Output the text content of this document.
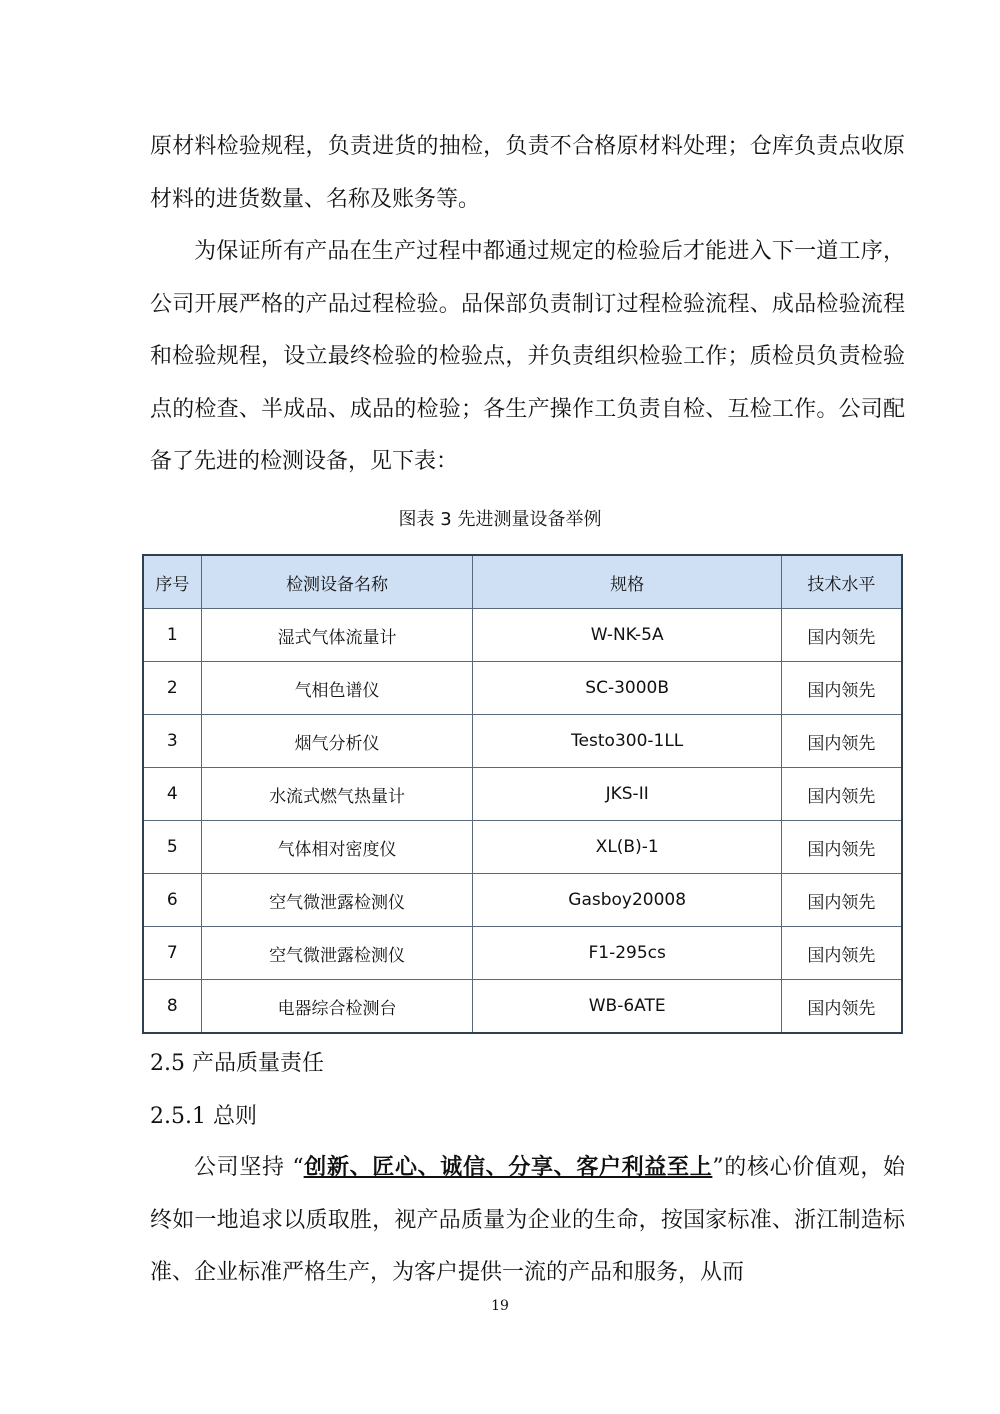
原材料检验规程，负责进货的抽检，负责不合格原材料处理；仓库负责点收原材料的进货数量、名称及账务等。

为保证所有产品在生产过程中都通过规定的检验后才能进入下一道工序，公司开展严格的产品过程检验。品保部负责制订过程检验流程、成品检验流程和检验规程，设立最终检验的检验点，并负责组织检验工作；质检员负责检验点的检查、半成品、成品的检验；各生产操作工负责自检、互检工作。公司配备了先进的检测设备，见下表：

图表 3 先进测量设备举例
序号	检测设备名称	规格	技术水平
1	湿式气体流量计	W-NK-5A	国内领先
2	气相色谱仪	SC-3000B	国内领先
3	烟气分析仪	Testo300-1LL	国内领先
4	水流式燃气热量计	JKS-II	国内领先
5	气体相对密度仪	XL(B)-1	国内领先
6	空气微泄露检测仪	Gasboy20008	国内领先
7	空气微泄露检测仪	F1-295cs	国内领先
8	电器综合检测台	WB-6ATE	国内领先
2.5 产品质量责任
2.5.1 总则

公司坚持 “创新、匠心、诚信、分享、客户利益至上”的核心价值观，始终如一地追求以质取胜，视产品质量为企业的生命，按国家标准、浙江制造标准、企业标准严格生产，为客户提供一流的产品和服务，从而

19
